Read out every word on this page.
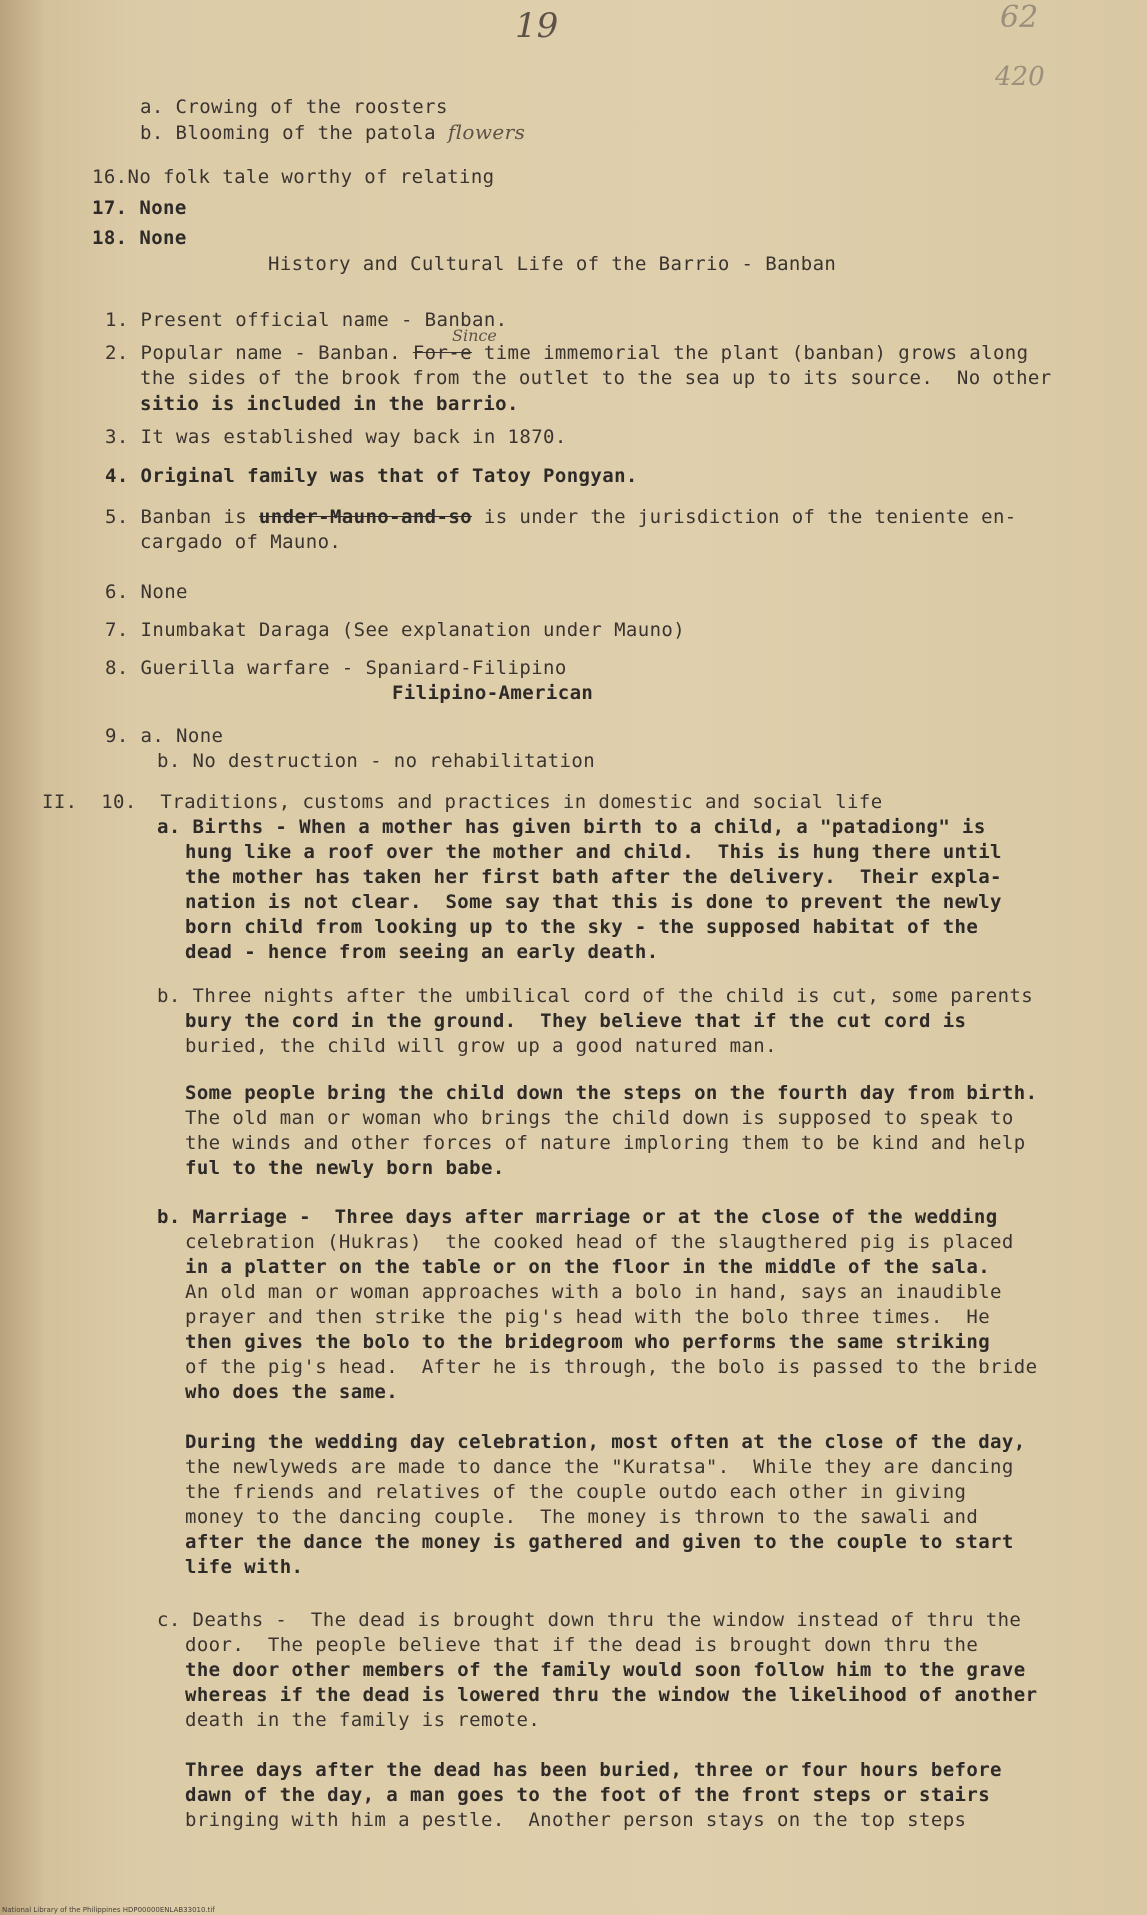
19	62
420
a. Crowing of the roosters
b. Blooming of the patola flowers
16.No folk tale worthy of relating
17. None
18. None
History and Cultural Life of the Barrio - Banban
1. Present official name - Banban.
Since
2. Popular name - Banban. For-e time immemorial the plant (banban) grows along
the sides of the brook from the outlet to the sea up to its source.  No other
sitio is included in the barrio.
3. It was established way back in 1870.
4. Original family was that of Tatoy Pongyan.
5. Banban is under-Mauno-and-so is under the jurisdiction of the teniente en-
cargado of Mauno.
6. None
7. Inumbakat Daraga (See explanation under Mauno)
8. Guerilla warfare - Spaniard-Filipino
Filipino-American
9. a. None
b. No destruction - no rehabilitation
II.  10.  Traditions, customs and practices in domestic and social life
a. Births - When a mother has given birth to a child, a "patadiong" is
hung like a roof over the mother and child.  This is hung there until
the mother has taken her first bath after the delivery.  Their expla-
nation is not clear.  Some say that this is done to prevent the newly
born child from looking up to the sky - the supposed habitat of the
dead - hence from seeing an early death.
b. Three nights after the umbilical cord of the child is cut, some parents
bury the cord in the ground.  They believe that if the cut cord is
buried, the child will grow up a good natured man.
Some people bring the child down the steps on the fourth day from birth.
The old man or woman who brings the child down is supposed to speak to
the winds and other forces of nature imploring them to be kind and help
ful to the newly born babe.
b. Marriage -  Three days after marriage or at the close of the wedding
celebration (Hukras)  the cooked head of the slaugthered pig is placed
in a platter on the table or on the floor in the middle of the sala.
An old man or woman approaches with a bolo in hand, says an inaudible
prayer and then strike the pig's head with the bolo three times.  He
then gives the bolo to the bridegroom who performs the same striking
of the pig's head.  After he is through, the bolo is passed to the bride
who does the same.
During the wedding day celebration, most often at the close of the day,
the newlyweds are made to dance the "Kuratsa".  While they are dancing
the friends and relatives of the couple outdo each other in giving
money to the dancing couple.  The money is thrown to the sawali and
after the dance the money is gathered and given to the couple to start
life with.
c. Deaths -  The dead is brought down thru the window instead of thru the
door.  The people believe that if the dead is brought down thru the
the door other members of the family would soon follow him to the grave
whereas if the dead is lowered thru the window the likelihood of another
death in the family is remote.
Three days after the dead has been buried, three or four hours before
dawn of the day, a man goes to the foot of the front steps or stairs
bringing with him a pestle.  Another person stays on the top steps
National Library of the Philippines HDP00000ENLAB33010.tif
